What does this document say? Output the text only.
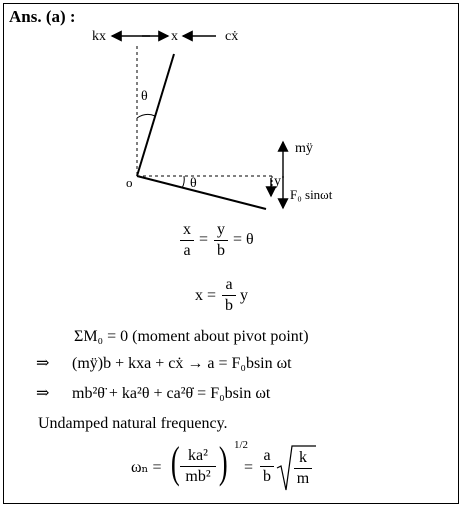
Ans. (a) :
kx	x	cẋ
θ
o	θ
mÿ
y
F₀ sinωt
x
a
=
y
b
= θ
x =
a
b
y
ΣM₀ = 0 (moment about pivot point)
⇒ (mÿ)b + kxa + cẋ → a = F₀bsin ωt
⇒ mb²θ̈ + ka²θ + ca²θ̇ = F₀bsin ωt
Undamped natural frequency.
ωₙ = ( ka²
mb² ) 1/2
=
a
b
k
m
